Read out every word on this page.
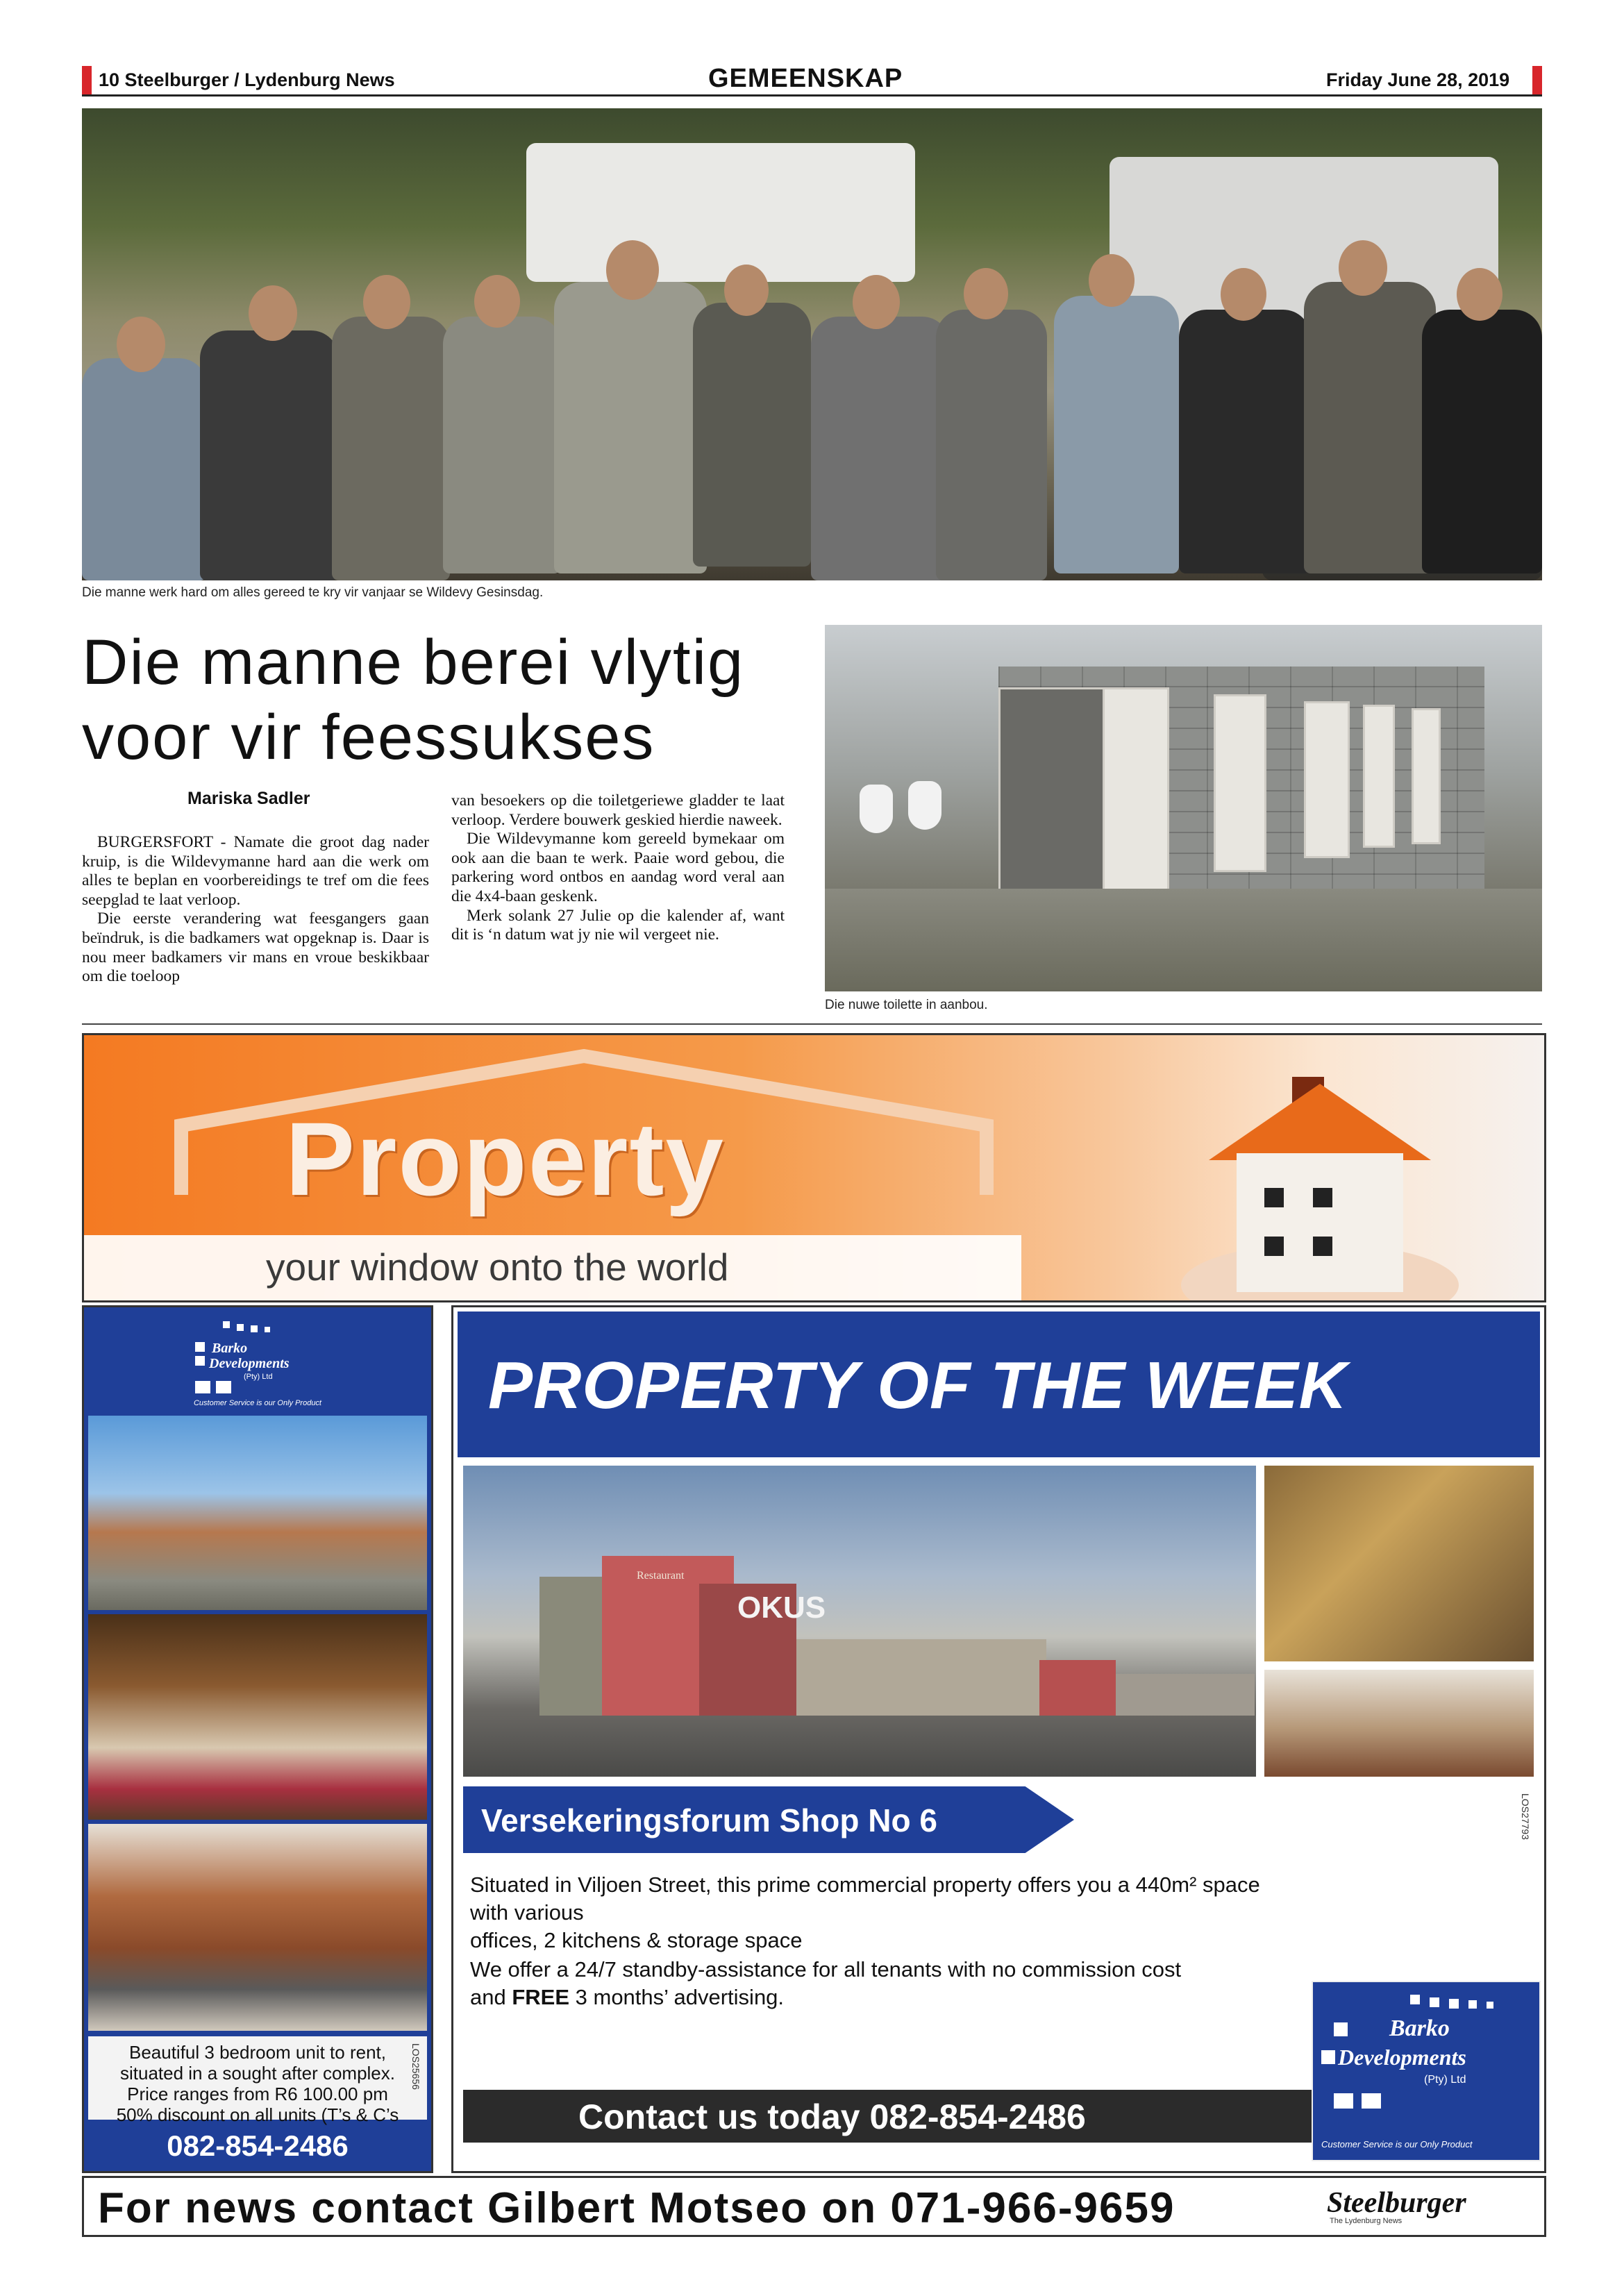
10 Steelburger / Lydenburg News	GEMEENSKAP	Friday June 28, 2019
Die manne werk hard om alles gereed te kry vir vanjaar se Wildevy Gesinsdag.
Die manne berei vlytig
voor vir feessukses
Mariska Sadler

BURGERSFORT - Namate die groot dag nader kruip, is die Wildevymanne hard aan die werk om alles te beplan en voorbereidings te tref om die fees seepglad te laat verloop.

Die eerste verandering wat feesgangers gaan beïndruk, is die badkamers wat opgeknap is. Daar is nou meer badkamers vir mans en vroue beskikbaar om die toeloop

van besoekers op die toiletgeriewe gladder te laat verloop. Verdere bouwerk geskied hierdie naweek.

Die Wildevymanne kom gereeld bymekaar om ook aan die baan te werk. Paaie word gebou, die parkering word ontbos en aandag word veral aan die 4x4-baan geskenk.

Merk solank 27 Julie op die kalender af, want dit is ‘n datum wat jy nie wil vergeet nie.

Die nuwe toilette in aanbou.
Property
your window onto the world
Barko
Developments
(Pty) Ltd
Customer Service is our Only Product
Beautiful 3 bedroom unit to rent,
situated in a sought after complex.
Price ranges from R6 100.00 pm
50% discount on all units (T’s & C’s
LOS25656
082-854-2486
PROPERTY OF THE WEEK
Restaurant
OKUS
Versekeringsforum Shop No 6	LOS27793
Situated in Viljoen Street, this prime commercial property offers you a 440m² space with various
offices, 2 kitchens & storage space
We offer a 24/7 standby-assistance for all tenants with no commission cost
and FREE 3 months’ advertising.
Contact us today 082-854-2486
Barko
Developments
(Pty) Ltd
Customer Service is our Only Product
For news contact Gilbert Motseo on 071-966-9659	Steelburger
The Lydenburg News
